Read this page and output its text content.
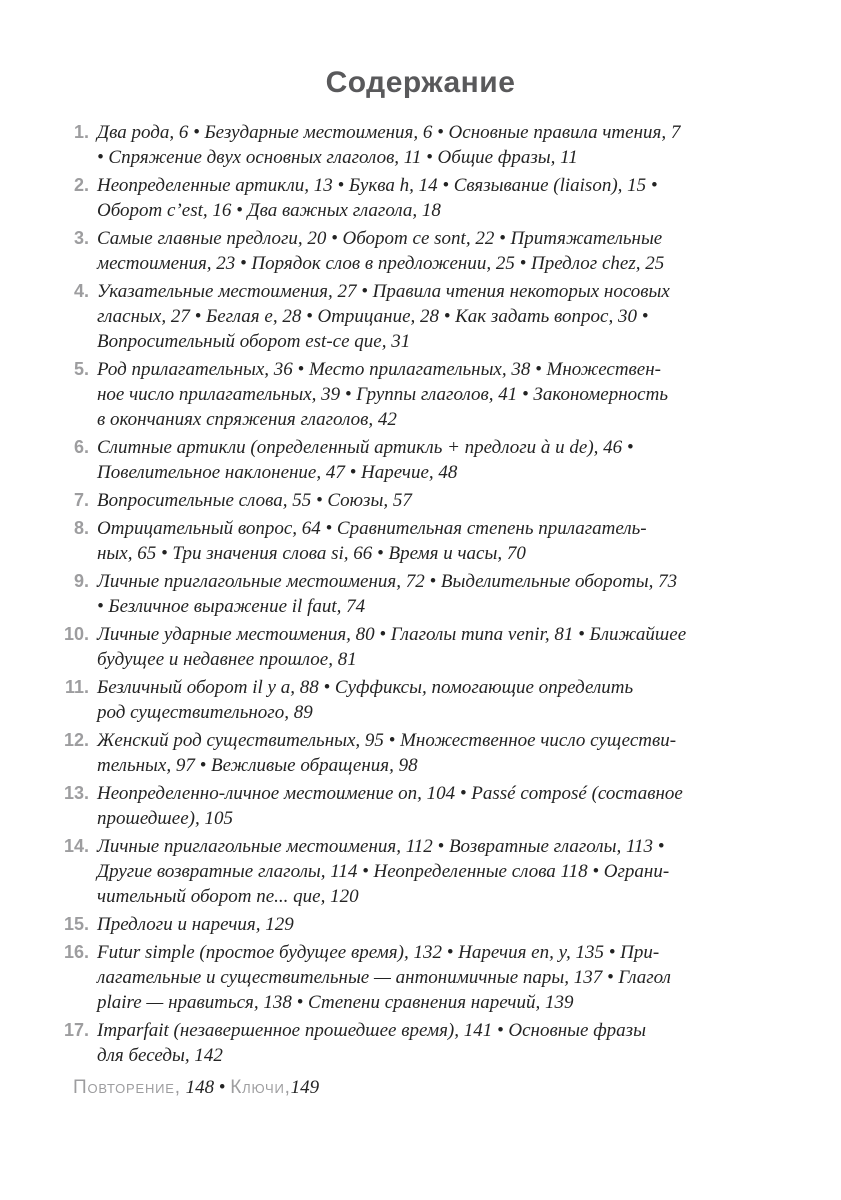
Содержание
1. Два рода, 6 • Безударные местоимения, 6 • Основные правила чтения, 7
• Спряжение двух основных глаголов, 11 • Общие фразы, 11
2. Неопределенные артикли, 13 • Буква h, 14 • Связывание (liaison), 15 •
Оборот c’est, 16 • Два важных глагола, 18
3. Самые главные предлоги, 20 • Оборот ce sont, 22 • Притяжательные
местоимения, 23 • Порядок слов в предложении, 25 • Предлог chez, 25
4. Указательные местоимения, 27 • Правила чтения некоторых носовых
гласных, 27 • Беглая e, 28 • Отрицание, 28 • Как задать вопрос, 30 •
Вопросительный оборот est-ce que, 31
5. Род прилагательных, 36 • Место прилагательных, 38 • Множествен-
ное число прилагательных, 39 • Группы глаголов, 41 • Закономерность
в окончаниях спряжения глаголов, 42
6. Слитные артикли (определенный артикль + предлоги à и de), 46 •
Повелительное наклонение, 47 • Наречие, 48
7. Вопросительные слова, 55 • Союзы, 57
8. Отрицательный вопрос, 64 • Сравнительная степень прилагатель-
ных, 65 • Три значения слова si, 66 • Время и часы, 70
9. Личные приглагольные местоимения, 72 • Выделительные обороты, 73
• Безличное выражение il faut, 74
10. Личные ударные местоимения, 80 • Глаголы типа venir, 81 • Ближайшее
будущее и недавнее прошлое, 81
11. Безличный оборот il y a, 88 • Суффиксы, помогающие определить
род существительного, 89
12. Женский род существительных, 95 • Множественное число существи-
тельных, 97 • Вежливые обращения, 98
13. Неопределенно-личное местоимение on, 104 • Passé composé (составное
прошедшее), 105
14. Личные приглагольные местоимения, 112 • Возвратные глаголы, 113 •
Другие возвратные глаголы, 114 • Неопределенные слова 118 • Ограни-
чительный оборот ne... que, 120
15. Предлоги и наречия, 129
16. Futur simple (простое будущее время), 132 • Наречия en, y, 135 • При-
лагательные и существительные — антонимичные пары, 137 • Глагол
plaire — нравиться, 138 • Степени сравнения наречий, 139
17. Imparfait (незавершенное прошедшее время), 141 • Основные фразы
для беседы, 142
Повторение, 148 • Ключи,149
